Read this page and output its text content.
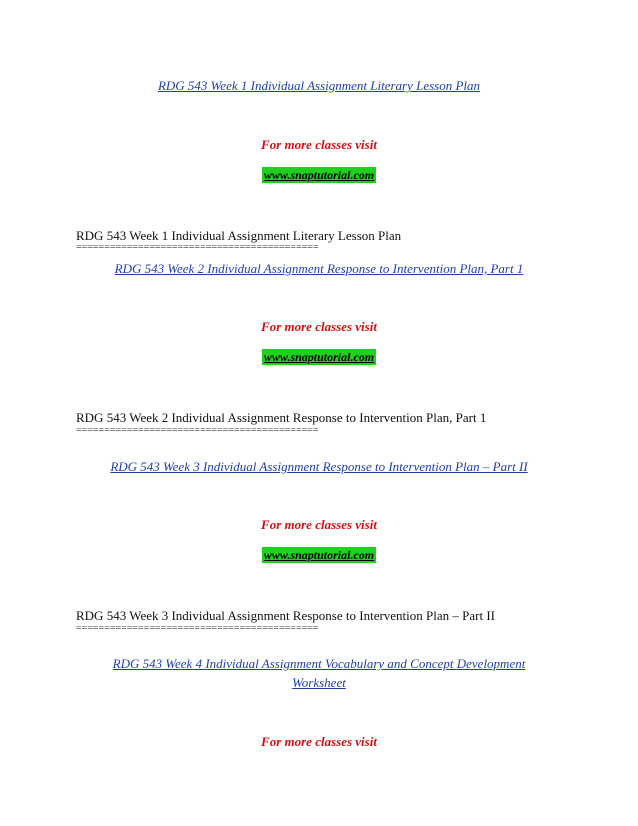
RDG 543 Week 1 Individual Assignment Literary Lesson Plan
For more classes visit
www.snaptutorial.com
RDG 543 Week 1 Individual Assignment Literary Lesson Plan
===========================================
RDG 543 Week 2 Individual Assignment Response to Intervention Plan, Part 1
For more classes visit
www.snaptutorial.com
RDG 543 Week 2 Individual Assignment Response to Intervention Plan, Part 1
===========================================
RDG 543 Week 3 Individual Assignment Response to Intervention Plan – Part II
For more classes visit
www.snaptutorial.com
RDG 543 Week 3 Individual Assignment Response to Intervention Plan – Part II
===========================================
RDG 543 Week 4 Individual Assignment Vocabulary and Concept Development
Worksheet
For more classes visit
